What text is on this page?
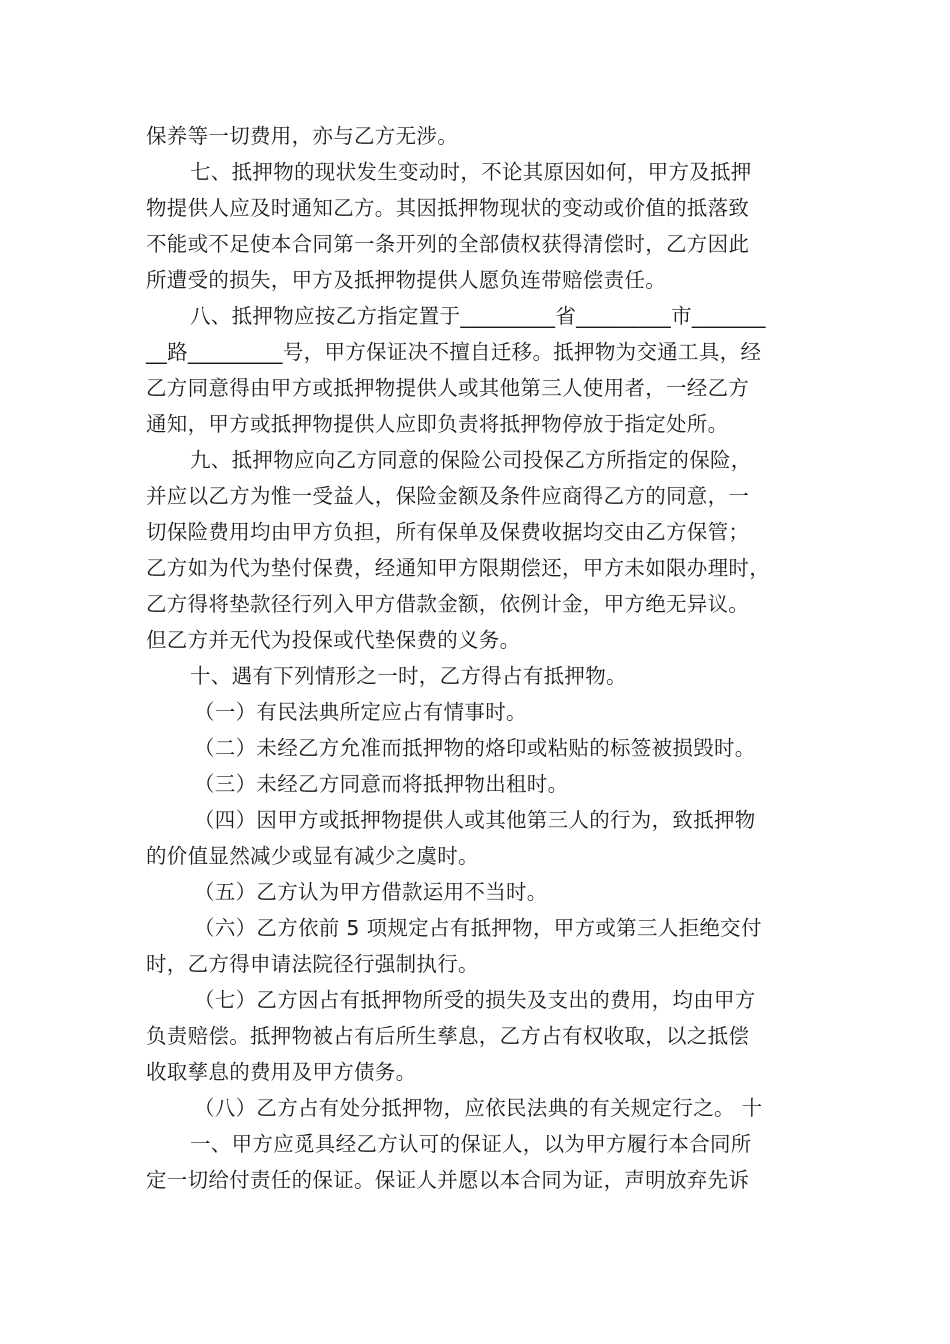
保养等一切费用，亦与乙方无涉。
七、抵押物的现状发生变动时，不论其原因如何，甲方及抵押
物提供人应及时通知乙方。其因抵押物现状的变动或价值的抵落致
不能或不足使本合同第一条开列的全部债权获得清偿时，乙方因此
所遭受的损失，甲方及抵押物提供人愿负连带赔偿责任。
八、抵押物应按乙方指定置于_________省_________市_______
__路_________号，甲方保证决不擅自迁移。抵押物为交通工具，经
乙方同意得由甲方或抵押物提供人或其他第三人使用者，一经乙方
通知，甲方或抵押物提供人应即负责将抵押物停放于指定处所。
九、抵押物应向乙方同意的保险公司投保乙方所指定的保险，
并应以乙方为惟一受益人，保险金额及条件应商得乙方的同意，一
切保险费用均由甲方负担，所有保单及保费收据均交由乙方保管；
乙方如为代为垫付保费，经通知甲方限期偿还，甲方未如限办理时，
乙方得将垫款径行列入甲方借款金额，依例计金，甲方绝无异议。
但乙方并无代为投保或代垫保费的义务。
十、遇有下列情形之一时，乙方得占有抵押物。
（一）有民法典所定应占有情事时。
（二）未经乙方允准而抵押物的烙印或粘贴的标签被损毁时。
（三）未经乙方同意而将抵押物出租时。
（四）因甲方或抵押物提供人或其他第三人的行为，致抵押物
的价值显然减少或显有减少之虞时。
（五）乙方认为甲方借款运用不当时。
（六）乙方依前 5 项规定占有抵押物，甲方或第三人拒绝交付
时，乙方得申请法院径行强制执行。
（七）乙方因占有抵押物所受的损失及支出的费用，均由甲方
负责赔偿。抵押物被占有后所生孳息，乙方占有权收取，以之抵偿
收取孳息的费用及甲方债务。
（八）乙方占有处分抵押物，应依民法典的有关规定行之。 十
一、甲方应觅具经乙方认可的保证人，以为甲方履行本合同所
定一切给付责任的保证。保证人并愿以本合同为证，声明放弃先诉
